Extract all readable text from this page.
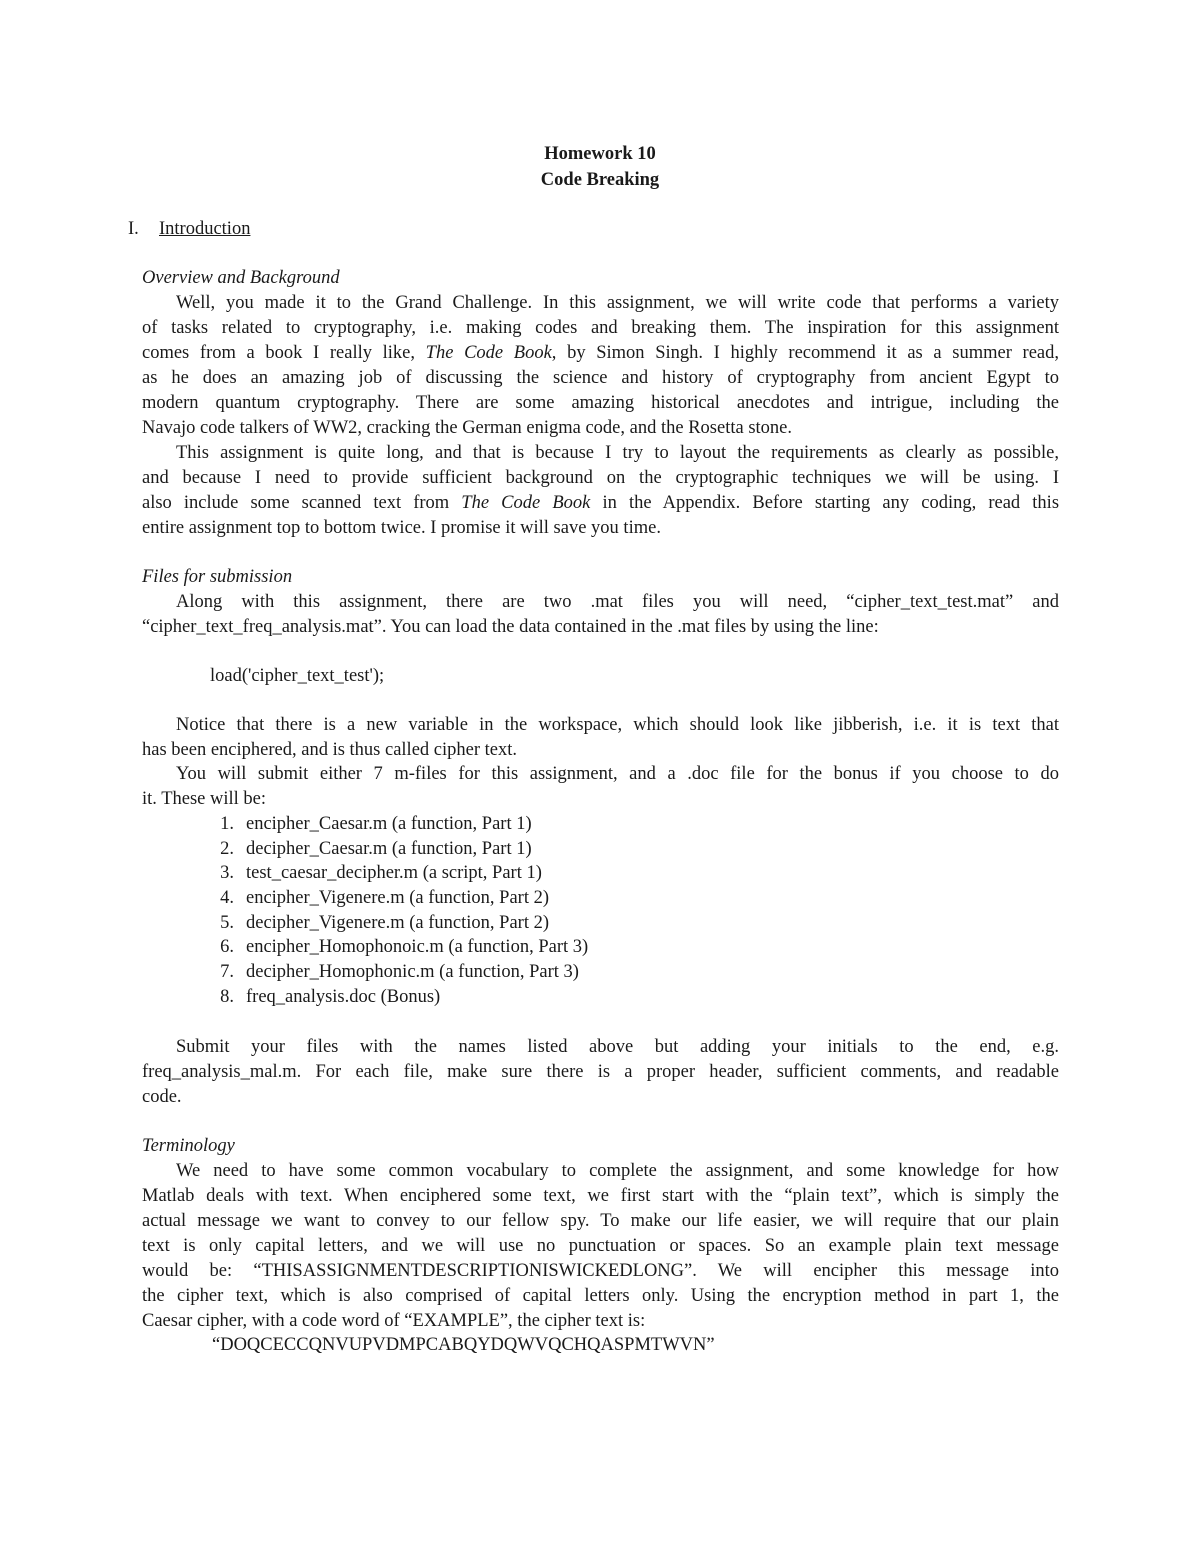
Homework 10
Code Breaking
I. Introduction
Overview and Background
Well, you made it to the Grand Challenge. In this assignment, we will write code that performs a variety
of tasks related to cryptography, i.e. making codes and breaking them. The inspiration for this assignment
comes from a book I really like, The Code Book, by Simon Singh. I highly recommend it as a summer read,
as he does an amazing job of discussing the science and history of cryptography from ancient Egypt to
modern quantum cryptography. There are some amazing historical anecdotes and intrigue, including the
Navajo code talkers of WW2, cracking the German enigma code, and the Rosetta stone.
This assignment is quite long, and that is because I try to layout the requirements as clearly as possible,
and because I need to provide sufficient background on the cryptographic techniques we will be using. I
also include some scanned text from The Code Book in the Appendix. Before starting any coding, read this
entire assignment top to bottom twice. I promise it will save you time.
Files for submission
Along with this assignment, there are two .mat files you will need, “cipher_text_test.mat” and
“cipher_text_freq_analysis.mat”. You can load the data contained in the .mat files by using the line:
load('cipher_text_test');
Notice that there is a new variable in the workspace, which should look like jibberish, i.e. it is text that
has been enciphered, and is thus called cipher text.
You will submit either 7 m-files for this assignment, and a .doc file for the bonus if you choose to do
it. These will be:
1. encipher_Caesar.m (a function, Part 1)
2. decipher_Caesar.m (a function, Part 1)
3. test_caesar_decipher.m (a script, Part 1)
4. encipher_Vigenere.m (a function, Part 2)
5. decipher_Vigenere.m (a function, Part 2)
6. encipher_Homophonoic.m (a function, Part 3)
7. decipher_Homophonic.m (a function, Part 3)
8. freq_analysis.doc (Bonus)
Submit your files with the names listed above but adding your initials to the end, e.g.
freq_analysis_mal.m. For each file, make sure there is a proper header, sufficient comments, and readable
code.
Terminology
We need to have some common vocabulary to complete the assignment, and some knowledge for how
Matlab deals with text. When enciphered some text, we first start with the “plain text”, which is simply the
actual message we want to convey to our fellow spy. To make our life easier, we will require that our plain
text is only capital letters, and we will use no punctuation or spaces. So an example plain text message
would be: “THISASSIGNMENTDESCRIPTIONISWICKEDLONG”. We will encipher this message into
the cipher text, which is also comprised of capital letters only. Using the encryption method in part 1, the
Caesar cipher, with a code word of “EXAMPLE”, the cipher text is:
“DOQCECCQNVUPVDMPCABQYDQWVQCHQASPMTWVN”
